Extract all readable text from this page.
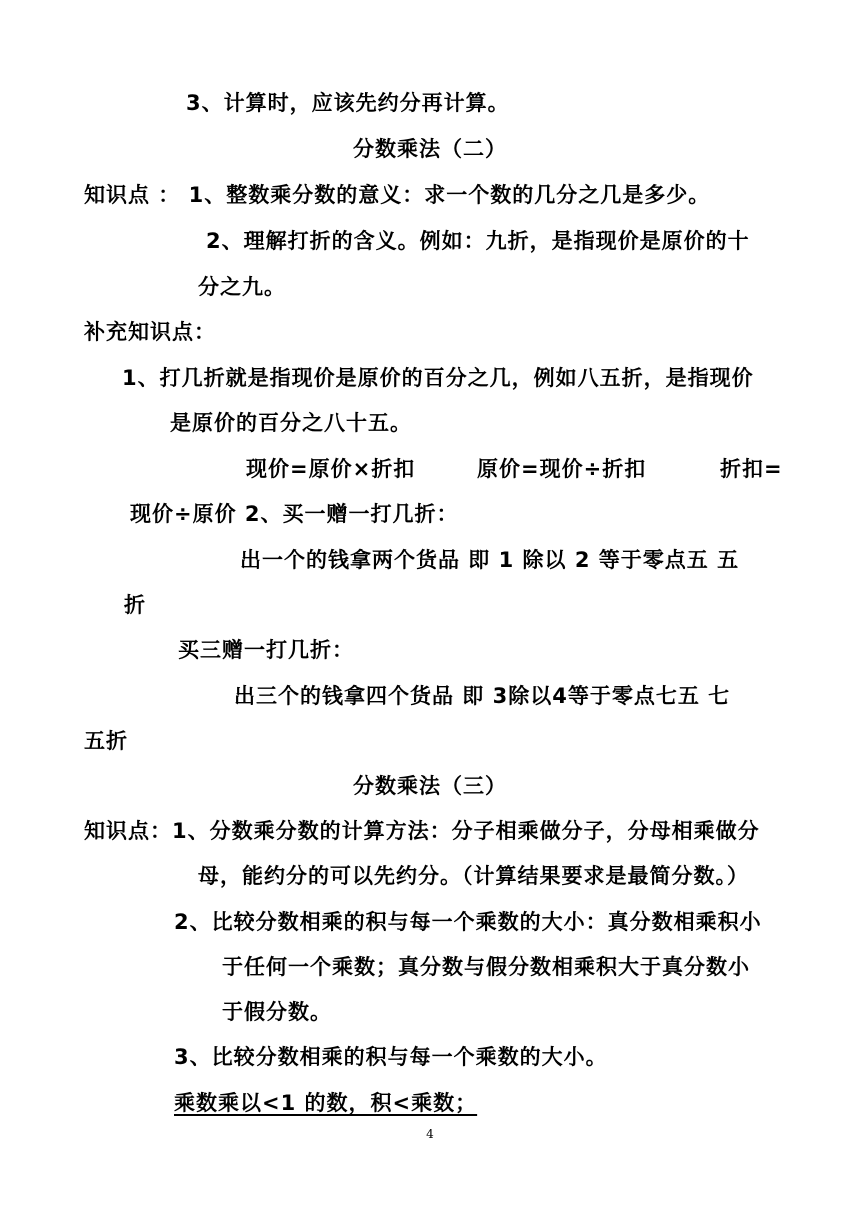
3、计算时，应该先约分再计算。
分数乘法（二）
知识点 ： 1、整数乘分数的意义：求一个数的几分之几是多少。
2、理解打折的含义。例如：九折，是指现价是原价的十
分之九。
补充知识点：
1、打几折就是指现价是原价的百分之几，例如八五折，是指现价
是原价的百分之八十五。
现价=原价×折扣	原价=现价÷折扣	折扣=
现价÷原价 2、买一赠一打几折：
出一个的钱拿两个货品 即 1 除以 2 等于零点五 五
折
买三赠一打几折：
出三个的钱拿四个货品 即 3除以4等于零点七五 七
五折
分数乘法（三）
知识点：1、分数乘分数的计算方法：分子相乘做分子，分母相乘做分
母，能约分的可以先约分。（计算结果要求是最简分数。）
2、比较分数相乘的积与每一个乘数的大小：真分数相乘积小
于任何一个乘数；真分数与假分数相乘积大于真分数小
于假分数。
3、比较分数相乘的积与每一个乘数的大小。
乘数乘以<1 的数，积<乘数；
4
